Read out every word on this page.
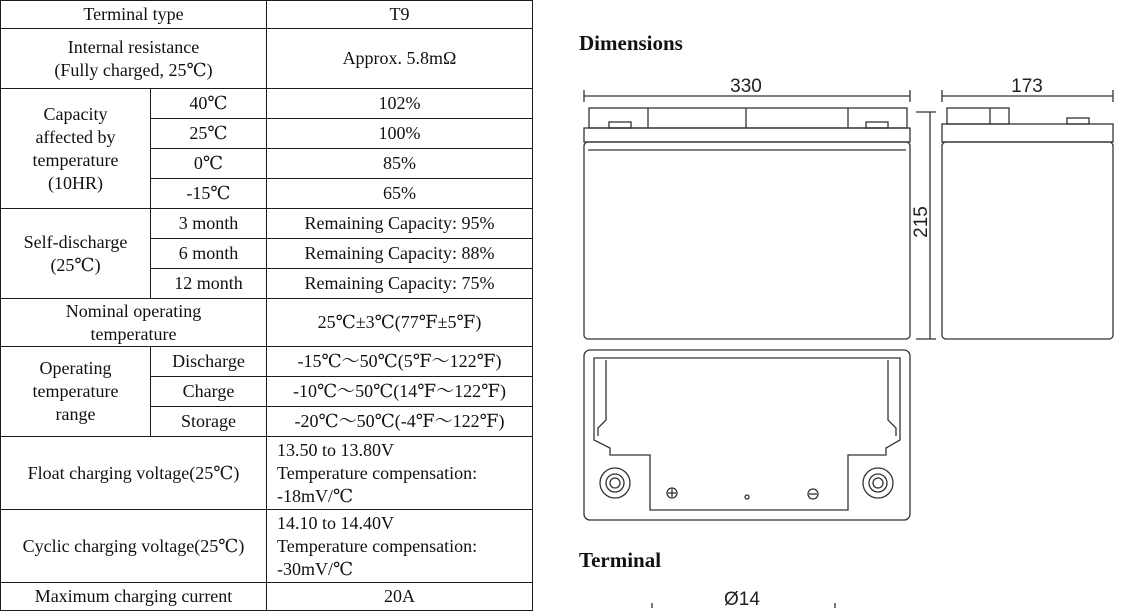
Terminal type		T9

Internal resistance
(Fully charged, 25℃)		Approx. 5.8mΩ

Capacity
affected by
temperature
(10HR)	40℃	102%
	25℃	100%
	0℃	85%
	-15℃	65%

Self-discharge
(25℃)	3 month	Remaining Capacity: 95%
	6 month	Remaining Capacity: 88%
	12 month	Remaining Capacity: 75%

Nominal operating
temperature		25℃±3℃(77℉±5℉)

Operating
temperature
range	Discharge	-15℃～50℃(5℉～122℉)
	Charge	-10℃～50℃(14℉～122℉)
	Storage	-20℃～50℃(-4℉～122℉)
Float charging voltage(25℃)		13.50 to 13.80V
Temperature compensation:
-18mV/℃

Cyclic charging voltage(25℃)		14.10 to 14.40V
Temperature compensation:
-30mV/℃

Maximum charging current		20A
Dimensions
Terminal
330	173
215
Ø14
